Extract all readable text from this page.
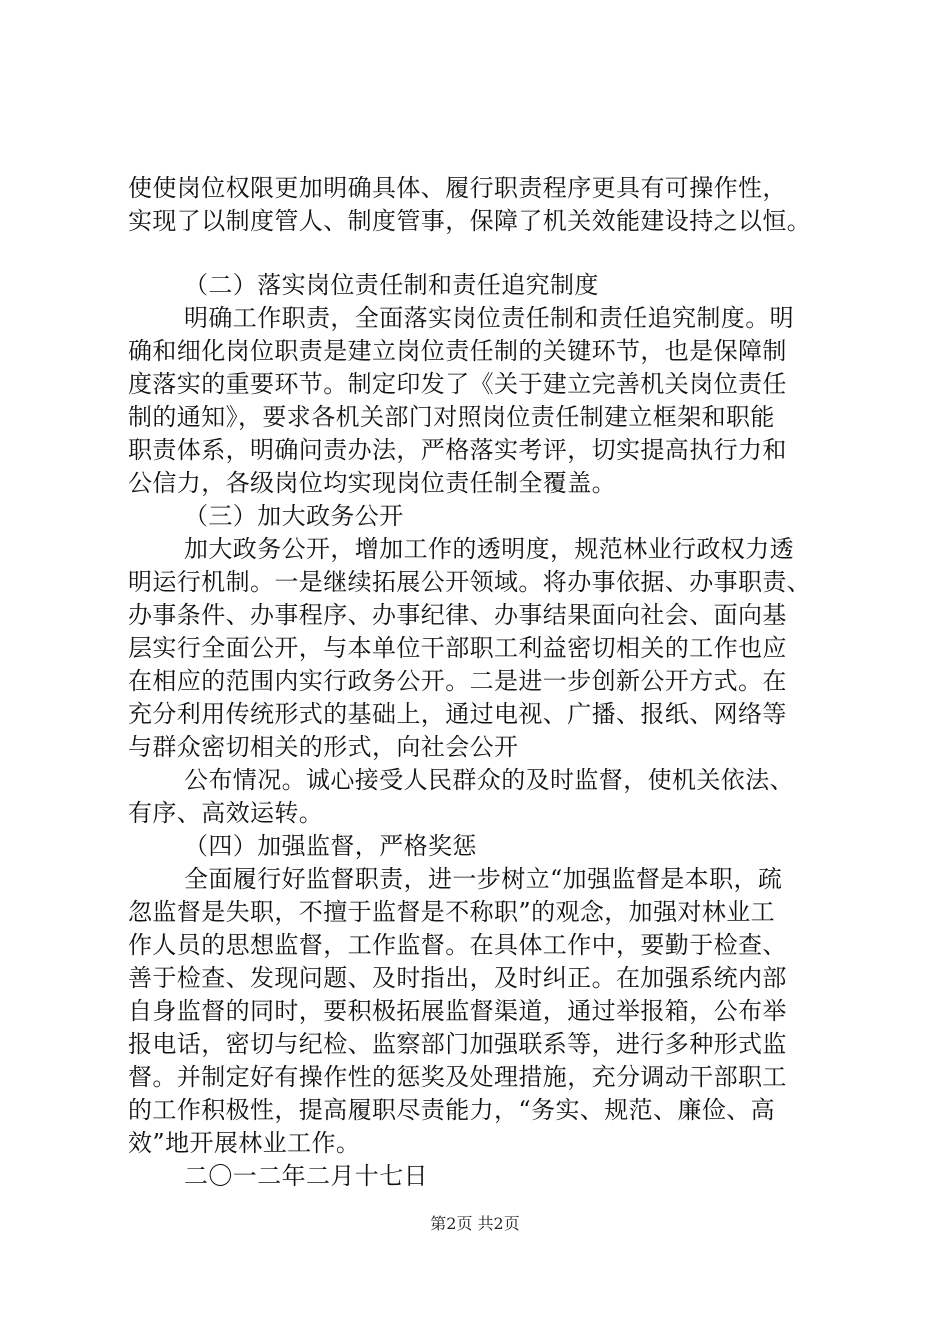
使使岗位权限更加明确具体、履行职责程序更具有可操作性，
实现了以制度管人、制度管事，保障了机关效能建设持之以恒。
（二）落实岗位责任制和责任追究制度
明确工作职责，全面落实岗位责任制和责任追究制度。明
确和细化岗位职责是建立岗位责任制的关键环节，也是保障制
度落实的重要环节。制定印发了《关于建立完善机关岗位责任
制的通知》，要求各机关部门对照岗位责任制建立框架和职能
职责体系，明确问责办法，严格落实考评，切实提高执行力和
公信力，各级岗位均实现岗位责任制全覆盖。
（三）加大政务公开
加大政务公开，增加工作的透明度，规范林业行政权力透
明运行机制。一是继续拓展公开领域。将办事依据、办事职责、
办事条件、办事程序、办事纪律、办事结果面向社会、面向基
层实行全面公开，与本单位干部职工利益密切相关的工作也应
在相应的范围内实行政务公开。二是进一步创新公开方式。在
充分利用传统形式的基础上，通过电视、广播、报纸、网络等
与群众密切相关的形式，向社会公开
公布情况。诚心接受人民群众的及时监督，使机关依法、
有序、高效运转。
（四）加强监督，严格奖惩
全面履行好监督职责，进一步树立“加强监督是本职，疏
忽监督是失职，不擅于监督是不称职”的观念，加强对林业工
作人员的思想监督，工作监督。在具体工作中，要勤于检查、
善于检查、发现问题、及时指出，及时纠正。在加强系统内部
自身监督的同时，要积极拓展监督渠道，通过举报箱，公布举
报电话，密切与纪检、监察部门加强联系等，进行多种形式监
督。并制定好有操作性的惩奖及处理措施，充分调动干部职工
的工作积极性，提高履职尽责能力，“务实、规范、廉俭、高
效”地开展林业工作。
二〇一二年二月十七日
第2页 共2页
